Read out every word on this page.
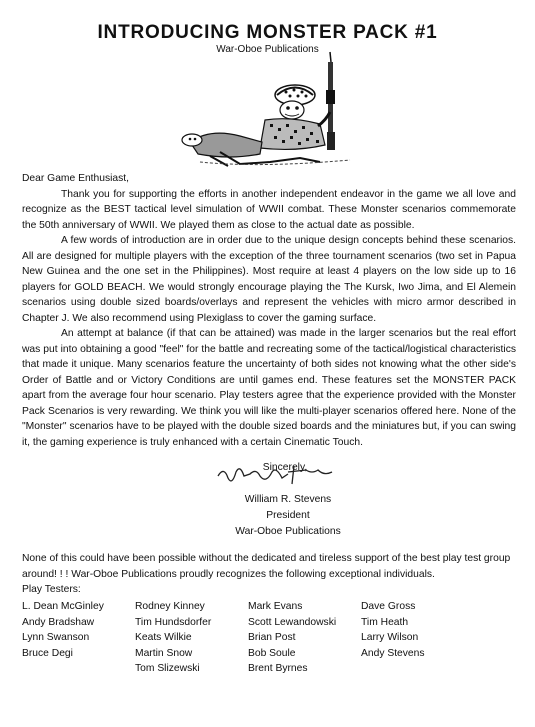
INTRODUCING MONSTER PACK #1
War-Oboe Publications

Dear Game Enthusiast,

Thank you for supporting the efforts in another independent endeavor in the game we all love and recognize as the BEST tactical level simulation of WWII combat. These Monster scenarios commemorate the 50th anniversary of WWII. We played them as close to the actual date as possible.

A few words of introduction are in order due to the unique design concepts behind these scenarios. All are designed for multiple players with the exception of the three tournament scenarios (two set in Papua New Guinea and the one set in the Philippines). Most require at least 4 players on the low side up to 16 players for GOLD BEACH. We would strongly encourage playing the The Kursk, Iwo Jima, and El Alemein scenarios using double sized boards/overlays and represent the vehicles with micro armor described in Chapter J. We also recommend using Plexiglass to cover the gaming surface.

An attempt at balance (if that can be attained) was made in the larger scenarios but the real effort was put into obtaining a good "feel" for the battle and recreating some of the tactical/logistical characteristics that made it unique. Many scenarios feature the uncertainty of both sides not knowing what the other side's Order of Battle and or Victory Conditions are until games end. These features set the MONSTER PACK apart from the average four hour scenario. Play testers agree that the experience provided with the Monster Pack Scenarios is very rewarding. We think you will like the multi-player scenarios offered here. None of the "Monster" scenarios have to be played with the double sized boards and the miniatures but, if you can swing it, the gaming experience is truly enhanced with a certain Cinematic Touch.

Sincerely,
William R. Stevens
President
War-Oboe Publications
None of this could have been possible without the dedicated and tireless support of the best play test group around! ! ! War-Oboe Publications proudly recognizes the following exceptional individuals.
Play Testers:
L. Dean McGinley
Andy Bradshaw
Lynn Swanson
Bruce Degi
Rodney Kinney
Tim Hundsdorfer
Keats Wilkie
Martin Snow
Tom Slizewski
Mark Evans
Scott Lewandowski
Brian Post
Bob Soule
Brent Byrnes
Dave Gross
Tim Heath
Larry Wilson
Andy Stevens
